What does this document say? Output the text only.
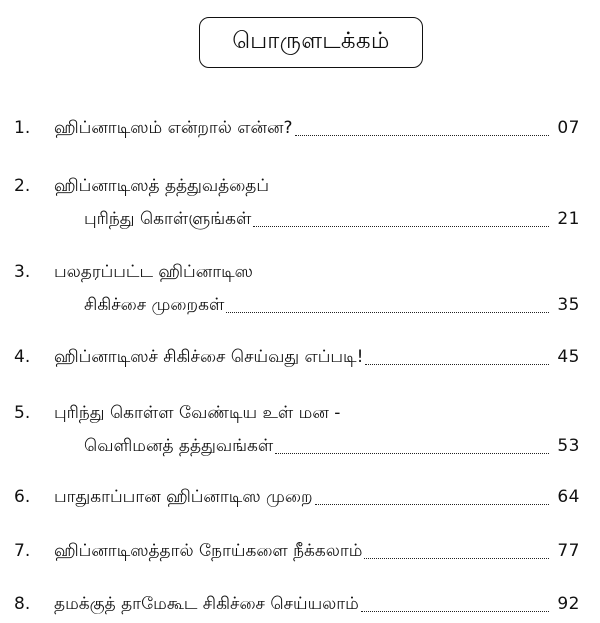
பொருளடக்கம்
1. ஹிப்னாடிஸம் என்றால் என்ன?	07
2. ஹிப்னாடிஸத் தத்துவத்தைப்
புரிந்து கொள்ளுங்கள்	21
3. பலதரப்பட்ட ஹிப்னாடிஸ
சிகிச்சை முறைகள்	35
4. ஹிப்னாடிஸச் சிகிச்சை செய்வது எப்படி!	45
5. புரிந்து கொள்ள வேண்டிய உள் மன -
வெளிமனத் தத்துவங்கள்	53
6. பாதுகாப்பான ஹிப்னாடிஸ முறை	64
7. ஹிப்னாடிஸத்தால் நோய்களை நீக்கலாம்	77
8. தமக்குத் தாமேகூட சிகிச்சை செய்யலாம்	92
